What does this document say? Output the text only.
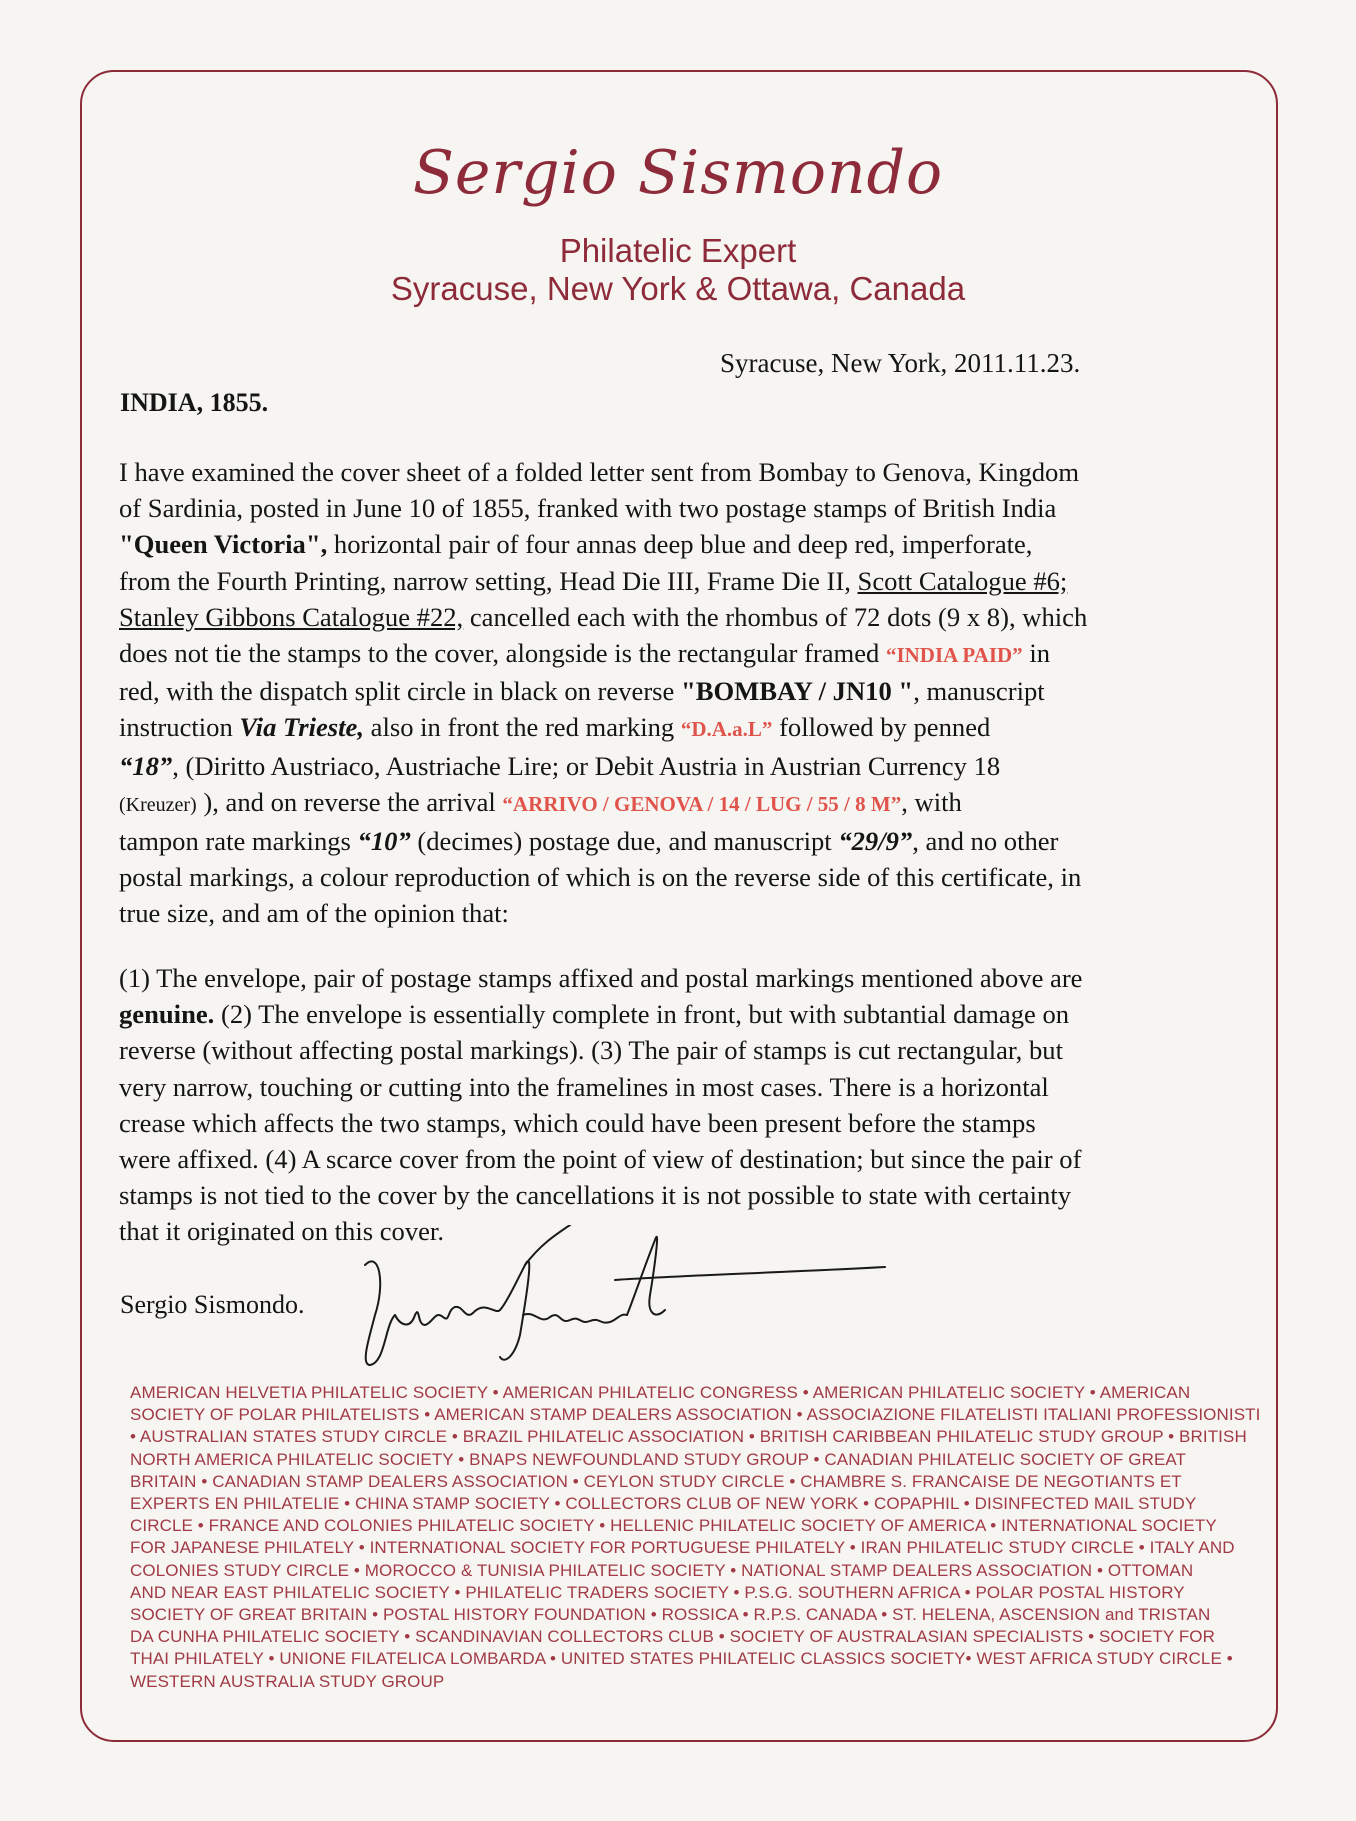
Sergio Sismondo
Philatelic Expert
Syracuse, New York & Ottawa, Canada
Syracuse, New York, 2011.11.23.
INDIA, 1855.
I have examined the cover sheet of a folded letter sent from Bombay to Genova, Kingdom
of Sardinia, posted in June 10 of 1855, franked with two postage stamps of British India
"Queen Victoria", horizontal pair of four annas deep blue and deep red, imperforate,
from the Fourth Printing, narrow setting, Head Die III, Frame Die II, Scott Catalogue #6;
Stanley Gibbons Catalogue #22, cancelled each with the rhombus of 72 dots (9 x 8), which
does not tie the stamps to the cover, alongside is the rectangular framed “INDIA PAID” in
red, with the dispatch split circle in black on reverse "BOMBAY / JN10 ", manuscript
instruction Via Trieste, also in front the red marking “D.A.a.L” followed by penned
“18”, (Diritto Austriaco, Austriache Lire; or Debit Austria in Austrian Currency 18
(Kreuzer) ), and on reverse the arrival “ARRIVO / GENOVA / 14 / LUG / 55 / 8 M”, with
tampon rate markings “10” (decimes) postage due, and manuscript “29/9”, and no other
postal markings, a colour reproduction of which is on the reverse side of this certificate, in
true size, and am of the opinion that:
(1) The envelope, pair of postage stamps affixed and postal markings mentioned above are
genuine. (2) The envelope is essentially complete in front, but with subtantial damage on
reverse (without affecting postal markings). (3) The pair of stamps is cut rectangular, but
very narrow, touching or cutting into the framelines in most cases. There is a horizontal
crease which affects the two stamps, which could have been present before the stamps
were affixed. (4) A scarce cover from the point of view of destination; but since the pair of
stamps is not tied to the cover by the cancellations it is not possible to state with certainty
that it originated on this cover.
Sergio Sismondo.
AMERICAN HELVETIA PHILATELIC SOCIETY • AMERICAN PHILATELIC CONGRESS • AMERICAN PHILATELIC SOCIETY • AMERICAN
SOCIETY OF POLAR PHILATELISTS • AMERICAN STAMP DEALERS ASSOCIATION • ASSOCIAZIONE FILATELISTI ITALIANI PROFESSIONISTI
• AUSTRALIAN STATES STUDY CIRCLE • BRAZIL PHILATELIC ASSOCIATION • BRITISH CARIBBEAN PHILATELIC STUDY GROUP • BRITISH
NORTH AMERICA PHILATELIC SOCIETY • BNAPS NEWFOUNDLAND STUDY GROUP • CANADIAN PHILATELIC SOCIETY OF GREAT
BRITAIN • CANADIAN STAMP DEALERS ASSOCIATION • CEYLON STUDY CIRCLE • CHAMBRE S. FRANCAISE DE NEGOTIANTS ET
EXPERTS EN PHILATELIE • CHINA STAMP SOCIETY • COLLECTORS CLUB OF NEW YORK • COPAPHIL • DISINFECTED MAIL STUDY
CIRCLE • FRANCE AND COLONIES PHILATELIC SOCIETY • HELLENIC PHILATELIC SOCIETY OF AMERICA • INTERNATIONAL SOCIETY
FOR JAPANESE PHILATELY • INTERNATIONAL SOCIETY FOR PORTUGUESE PHILATELY • IRAN PHILATELIC STUDY CIRCLE • ITALY AND
COLONIES STUDY CIRCLE • MOROCCO & TUNISIA PHILATELIC SOCIETY • NATIONAL STAMP DEALERS ASSOCIATION • OTTOMAN
AND NEAR EAST PHILATELIC SOCIETY • PHILATELIC TRADERS SOCIETY • P.S.G. SOUTHERN AFRICA • POLAR POSTAL HISTORY
SOCIETY OF GREAT BRITAIN • POSTAL HISTORY FOUNDATION • ROSSICA • R.P.S. CANADA • ST. HELENA, ASCENSION and TRISTAN
DA CUNHA PHILATELIC SOCIETY • SCANDINAVIAN COLLECTORS CLUB • SOCIETY OF AUSTRALASIAN SPECIALISTS • SOCIETY FOR
THAI PHILATELY • UNIONE FILATELICA LOMBARDA • UNITED STATES PHILATELIC CLASSICS SOCIETY• WEST AFRICA STUDY CIRCLE •
WESTERN AUSTRALIA STUDY GROUP
